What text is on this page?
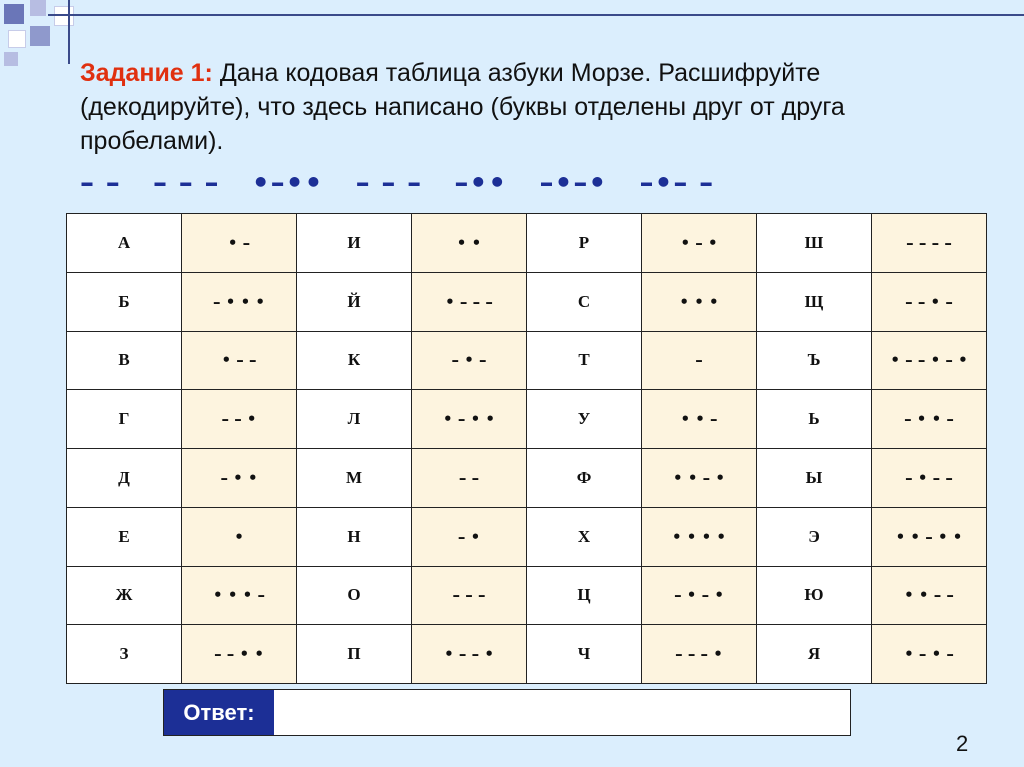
Задание 1: Дана кодовая таблица азбуки Морзе. Расшифруйте (декодируйте), что здесь написано (буквы отделены друг от друга пробелами).
– –   – – –   •–••   – – –   –••   –•–•   –•– –
А	• –	И	• •	Р	• – •	Ш	– – – –
Б	– • • •	Й	• – – –	С	• • •	Щ	– – • –
В	• – –	К	– • –	Т	–	Ъ	• – – • – •
Г	– – •	Л	• – • •	У	• • –	Ь	– • • –
Д	– • •	М	– –	Ф	• • – •	Ы	– • – –
Е	•	Н	– •	Х	• • • •	Э	• • – • •
Ж	• • • –	О	– – –	Ц	– • – •	Ю	• • – –
З	– – • •	П	• – – •	Ч	– – – •	Я	• – • –
Ответ:
2
